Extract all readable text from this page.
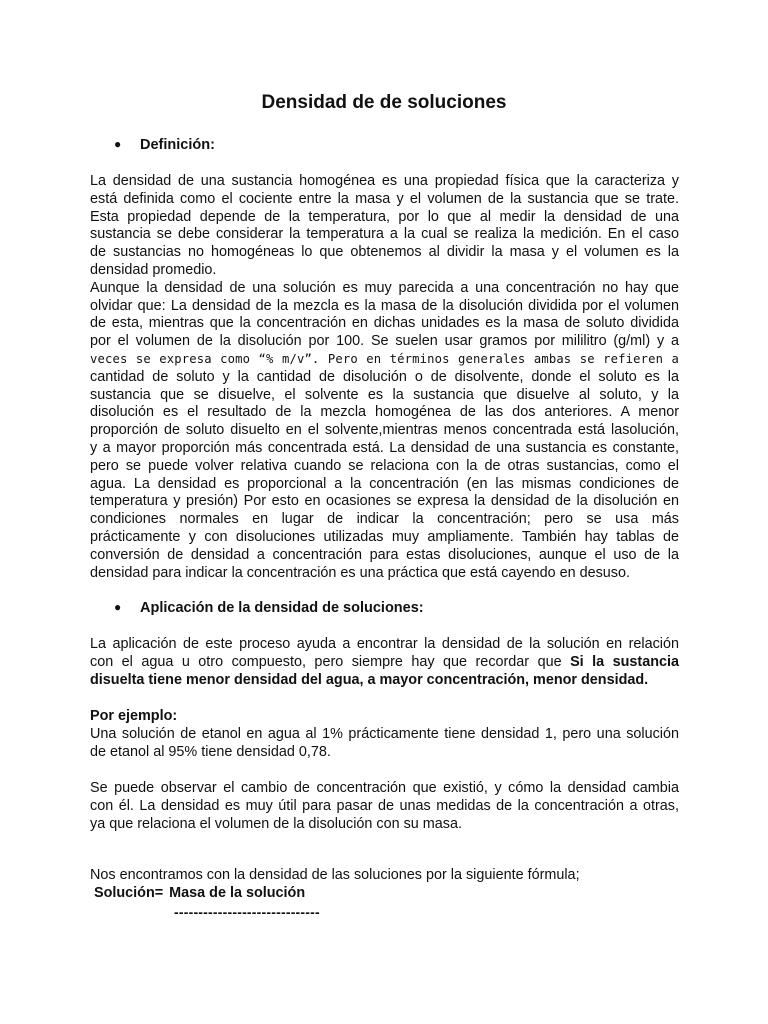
Densidad de de soluciones
● Definición:
La densidad de una sustancia homogénea es una propiedad física que la caracteriza y
está definida como el cociente entre la masa y el volumen de la sustancia que se trate.
Esta propiedad depende de la temperatura, por lo que al medir la densidad de una
sustancia se debe considerar la temperatura a la cual se realiza la medición. En el caso
de sustancias no homogéneas lo que obtenemos al dividir la masa y el volumen es la
densidad promedio.
Aunque la densidad de una solución es muy parecida a una concentración no hay que
olvidar que: La densidad de la mezcla es la masa de la disolución dividida por el volumen
de esta, mientras que la concentración en dichas unidades es la masa de soluto dividida
por el volumen de la disolución por 100. Se suelen usar gramos por mililitro (g/ml) y a
veces se expresa como “% m/v”. Pero en términos generales ambas se refieren a
cantidad de soluto y la cantidad de disolución o de disolvente, donde el soluto es la
sustancia que se disuelve, el solvente es la sustancia que disuelve al soluto, y la
disolución es el resultado de la mezcla homogénea de las dos anteriores. A menor
proporción de soluto disuelto en el solvente,mientras menos concentrada está lasolución,
y a mayor proporción más concentrada está. La densidad de una sustancia es constante,
pero se puede volver relativa cuando se relaciona con la de otras sustancias, como el
agua. La densidad es proporcional a la concentración (en las mismas condiciones de
temperatura y presión) Por esto en ocasiones se expresa la densidad de la disolución en
condiciones normales en lugar de indicar la concentración; pero se usa más
prácticamente y con disoluciones utilizadas muy ampliamente. También hay tablas de
conversión de densidad a concentración para estas disoluciones, aunque el uso de la
densidad para indicar la concentración es una práctica que está cayendo en desuso.
● Aplicación de la densidad de soluciones:
La aplicación de este proceso ayuda a encontrar la densidad de la solución en relación
con el agua u otro compuesto, pero siempre hay que recordar que Si la sustancia
disuelta tiene menor densidad del agua, a mayor concentración, menor densidad.
Por ejemplo:
Una solución de etanol en agua al 1% prácticamente tiene densidad 1, pero una solución
de etanol al 95% tiene densidad 0,78.
Se puede observar el cambio de concentración que existió, y cómo la densidad cambia
con él. La densidad es muy útil para pasar de unas medidas de la concentración a otras,
ya que relaciona el volumen de la disolución con su masa.
Nos encontramos con la densidad de las soluciones por la siguiente fórmula;
Solución= Masa de la solución
------------------------------
